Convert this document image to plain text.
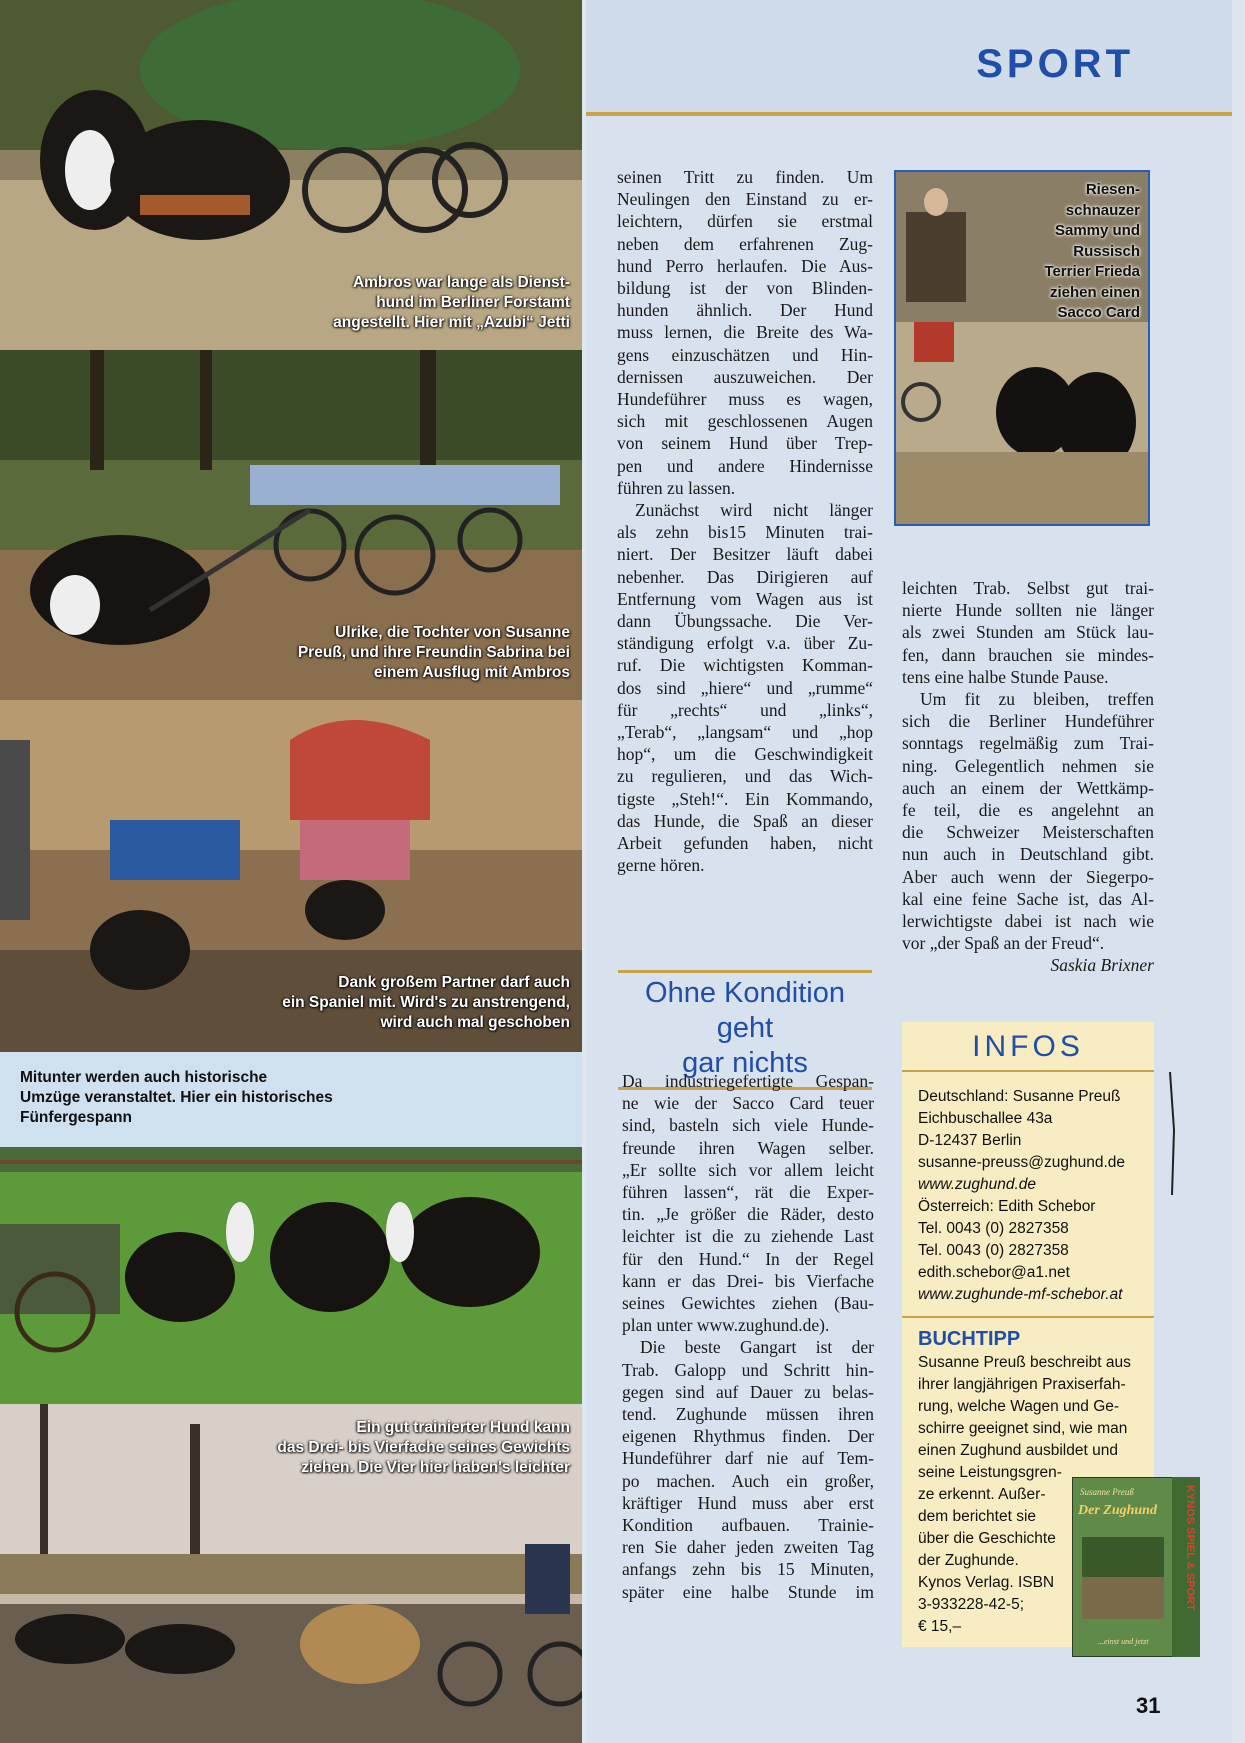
Ambros war lange als Dienst-
hund im Berliner Forstamt
angestellt. Hier mit „Azubi“ Jetti
Ulrike, die Tochter von Susanne
Preuß, und ihre Freundin Sabrina bei
einem Ausflug mit Ambros
Dank großem Partner darf auch
ein Spaniel mit. Wird's zu anstrengend,
wird auch mal geschoben
Mitunter werden auch historische
Umzüge veranstaltet. Hier ein historisches
Fünfergespann
Ein gut trainierter Hund kann
das Drei- bis Vierfache seines Gewichts
ziehen. Die Vier hier haben's leichter
SPORT
seinen Tritt zu finden. Um
Neulingen den Einstand zu er-
leichtern, dürfen sie erstmal
neben dem erfahrenen Zug-
hund Perro herlaufen. Die Aus-
bildung ist der von Blinden-
hunden ähnlich. Der Hund
muss lernen, die Breite des Wa-
gens einzuschätzen und Hin-
dernissen auszuweichen. Der
Hundeführer muss es wagen,
sich mit geschlossenen Augen
von seinem Hund über Trep-
pen und andere Hindernisse
führen zu lassen.
Zunächst wird nicht länger
als zehn bis15 Minuten trai-
niert. Der Besitzer läuft dabei
nebenher. Das Dirigieren auf
Entfernung vom Wagen aus ist
dann Übungssache. Die Ver-
ständigung erfolgt v.a. über Zu-
ruf. Die wichtigsten Komman-
dos sind „hiere“ und „rumme“
für „rechts“ und „links“,
„Terab“, „langsam“ und „hop
hop“, um die Geschwindigkeit
zu regulieren, und das Wich-
tigste „Steh!“. Ein Kommando,
das Hunde, die Spaß an dieser
Arbeit gefunden haben, nicht
gerne hören.
Ohne Kondition geht
gar nichts
Da industriegefertigte Gespan-
ne wie der Sacco Card teuer
sind, basteln sich viele Hunde-
freunde ihren Wagen selber.
„Er sollte sich vor allem leicht
führen lassen“, rät die Exper-
tin. „Je größer die Räder, desto
leichter ist die zu ziehende Last
für den Hund.“ In der Regel
kann er das Drei- bis Vierfache
seines Gewichtes ziehen (Bau-
plan unter www.zughund.de).
Die beste Gangart ist der
Trab. Galopp und Schritt hin-
gegen sind auf Dauer zu belas-
tend. Zughunde müssen ihren
eigenen Rhythmus finden. Der
Hundeführer darf nie auf Tem-
po machen. Auch ein großer,
kräftiger Hund muss aber erst
Kondition aufbauen. Trainie-
ren Sie daher jeden zweiten Tag
anfangs zehn bis 15 Minuten,
später eine halbe Stunde im
Riesen-
schnauzer
Sammy und
Russisch
Terrier Frieda
ziehen einen
Sacco Card
leichten Trab. Selbst gut trai-
nierte Hunde sollten nie länger
als zwei Stunden am Stück lau-
fen, dann brauchen sie mindes-
tens eine halbe Stunde Pause.
Um fit zu bleiben, treffen
sich die Berliner Hundeführer
sonntags regelmäßig zum Trai-
ning. Gelegentlich nehmen sie
auch an einem der Wettkämp-
fe teil, die es angelehnt an
die Schweizer Meisterschaften
nun auch in Deutschland gibt.
Aber auch wenn der Siegerpo-
kal eine feine Sache ist, das Al-
lerwichtigste dabei ist nach wie
vor „der Spaß an der Freud“.
Saskia Brixner
INFOS
Deutschland: Susanne Preuß
Eichbuschallee 43a
D-12437 Berlin
susanne-preuss@zughund.de
www.zughund.de
Österreich: Edith Schebor
Tel. 0043 (0) 2827358
Tel. 0043 (0) 2827358
edith.schebor@a1.net
www.zughunde-mf-schebor.at
BUCHTIPP
Susanne Preuß beschreibt aus
ihrer langjährigen Praxiserfah-
rung, welche Wagen und Ge-
schirre geeignet sind, wie man
einen Zughund ausbildet und
seine Leistungsgren-
ze erkennt. Außer-
dem berichtet sie
über die Geschichte
der Zughunde.
Kynos Verlag. ISBN
3-933228-42-5;
€ 15,–
Susanne Preuß
Der Zughund
...einst und jetzt
KYNOS SPIEL & SPORT
31
